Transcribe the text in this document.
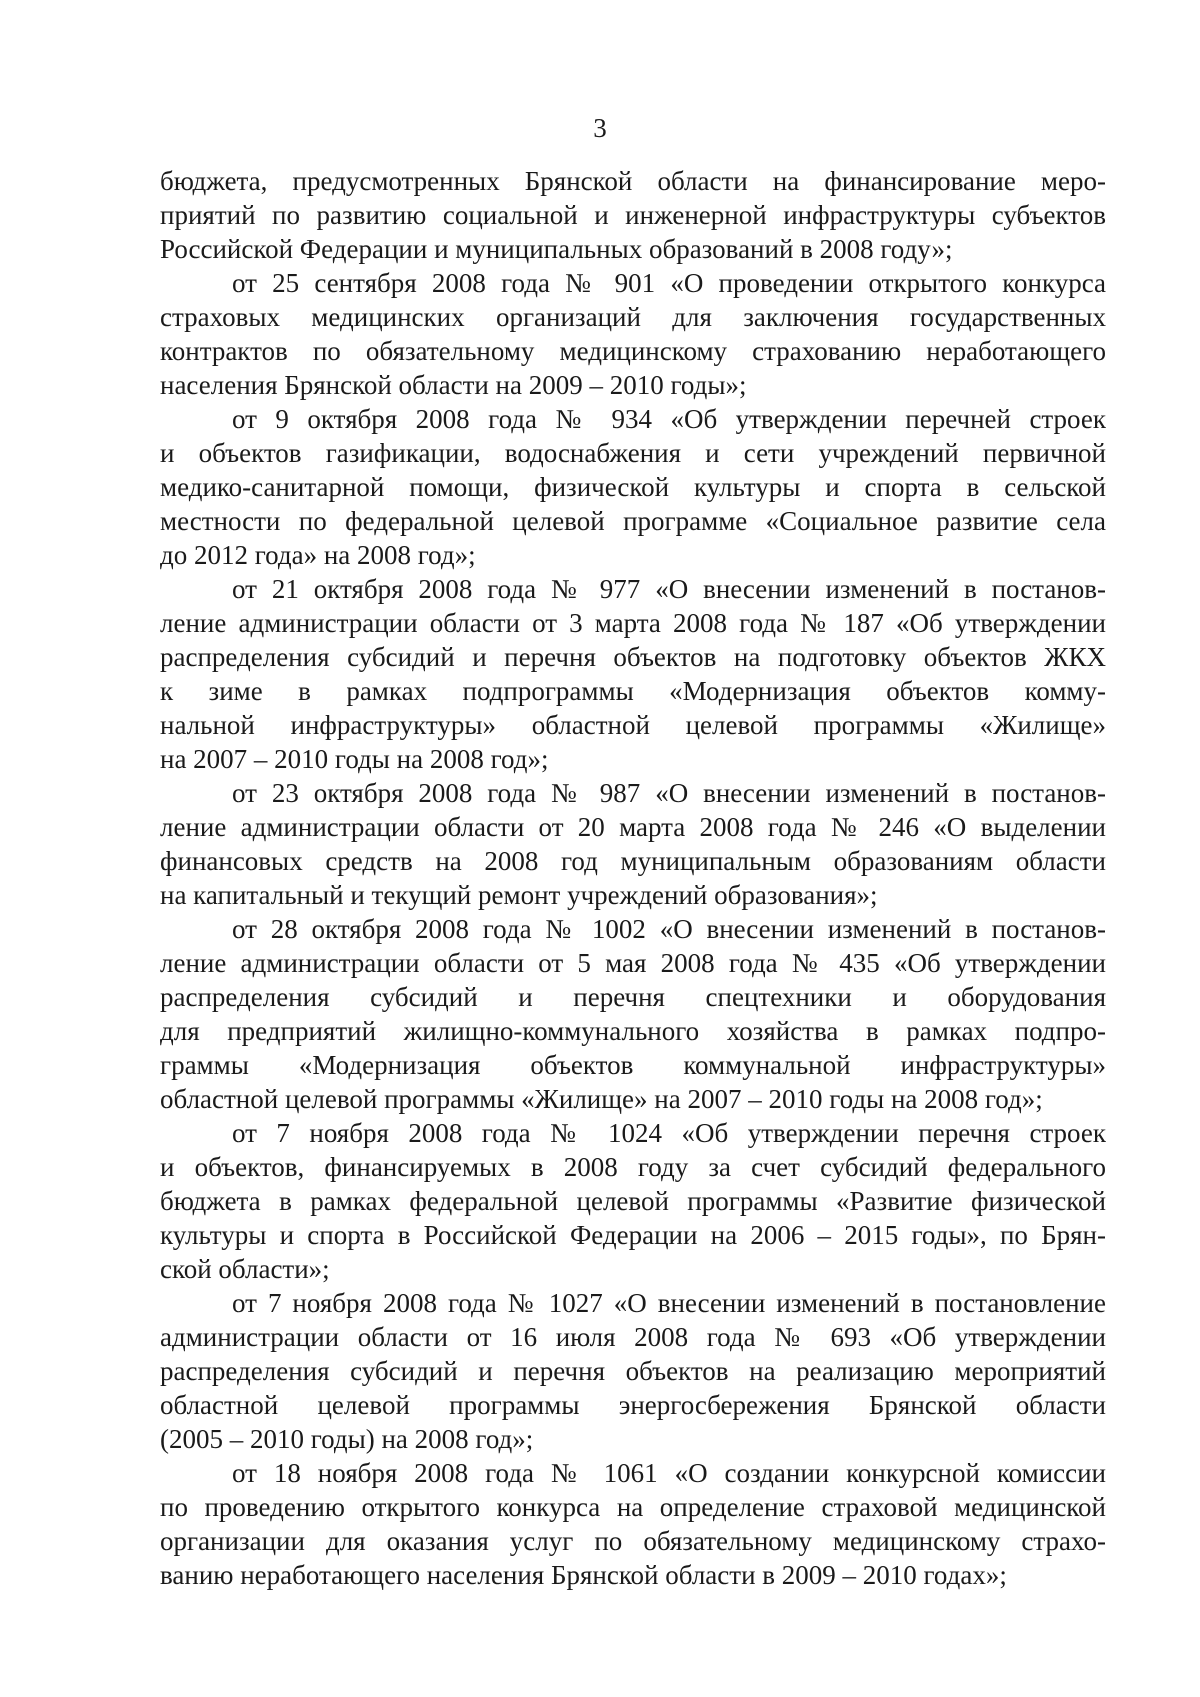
3
бюджета, предусмотренных Брянской области на финансирование меро-
приятий по развитию социальной и инженерной инфраструктуры субъектов
Российской Федерации и муниципальных образований в 2008 году»;
от 25 сентября 2008 года № 901 «О проведении открытого конкурса
страховых медицинских организаций для заключения государственных
контрактов по обязательному медицинскому страхованию неработающего
населения Брянской области на 2009 – 2010 годы»;
от 9 октября 2008 года № 934 «Об утверждении перечней строек
и объектов газификации, водоснабжения и сети учреждений первичной
медико-санитарной помощи, физической культуры и спорта в сельской
местности по федеральной целевой программе «Социальное развитие села
до 2012 года» на 2008 год»;
от 21 октября 2008 года № 977 «О внесении изменений в постанов-
ление администрации области от 3 марта 2008 года № 187 «Об утверждении
распределения субсидий и перечня объектов на подготовку объектов ЖКХ
к зиме в рамках подпрограммы «Модернизация объектов комму-
нальной инфраструктуры» областной целевой программы «Жилище»
на 2007 – 2010 годы на 2008 год»;
от 23 октября 2008 года № 987 «О внесении изменений в постанов-
ление администрации области от 20 марта 2008 года № 246 «О выделении
финансовых средств на 2008 год муниципальным образованиям области
на капитальный и текущий ремонт учреждений образования»;
от 28 октября 2008 года № 1002 «О внесении изменений в постанов-
ление администрации области от 5 мая 2008 года № 435 «Об утверждении
распределения субсидий и перечня спецтехники и оборудования
для предприятий жилищно-коммунального хозяйства в рамках подпро-
граммы «Модернизация объектов коммунальной инфраструктуры»
областной целевой программы «Жилище» на 2007 – 2010 годы на 2008 год»;
от 7 ноября 2008 года № 1024 «Об утверждении перечня строек
и объектов, финансируемых в 2008 году за счет субсидий федерального
бюджета в рамках федеральной целевой программы «Развитие физической
культуры и спорта в Российской Федерации на 2006 – 2015 годы», по Брян-
ской области»;
от 7 ноября 2008 года № 1027 «О внесении изменений в постановление
администрации области от 16 июля 2008 года № 693 «Об утверждении
распределения субсидий и перечня объектов на реализацию мероприятий
областной целевой программы энергосбережения Брянской области
(2005 – 2010 годы) на 2008 год»;
от 18 ноября 2008 года № 1061 «О создании конкурсной комиссии
по проведению открытого конкурса на определение страховой медицинской
организации для оказания услуг по обязательному медицинскому страхо-
ванию неработающего населения Брянской области в 2009 – 2010 годах»;
